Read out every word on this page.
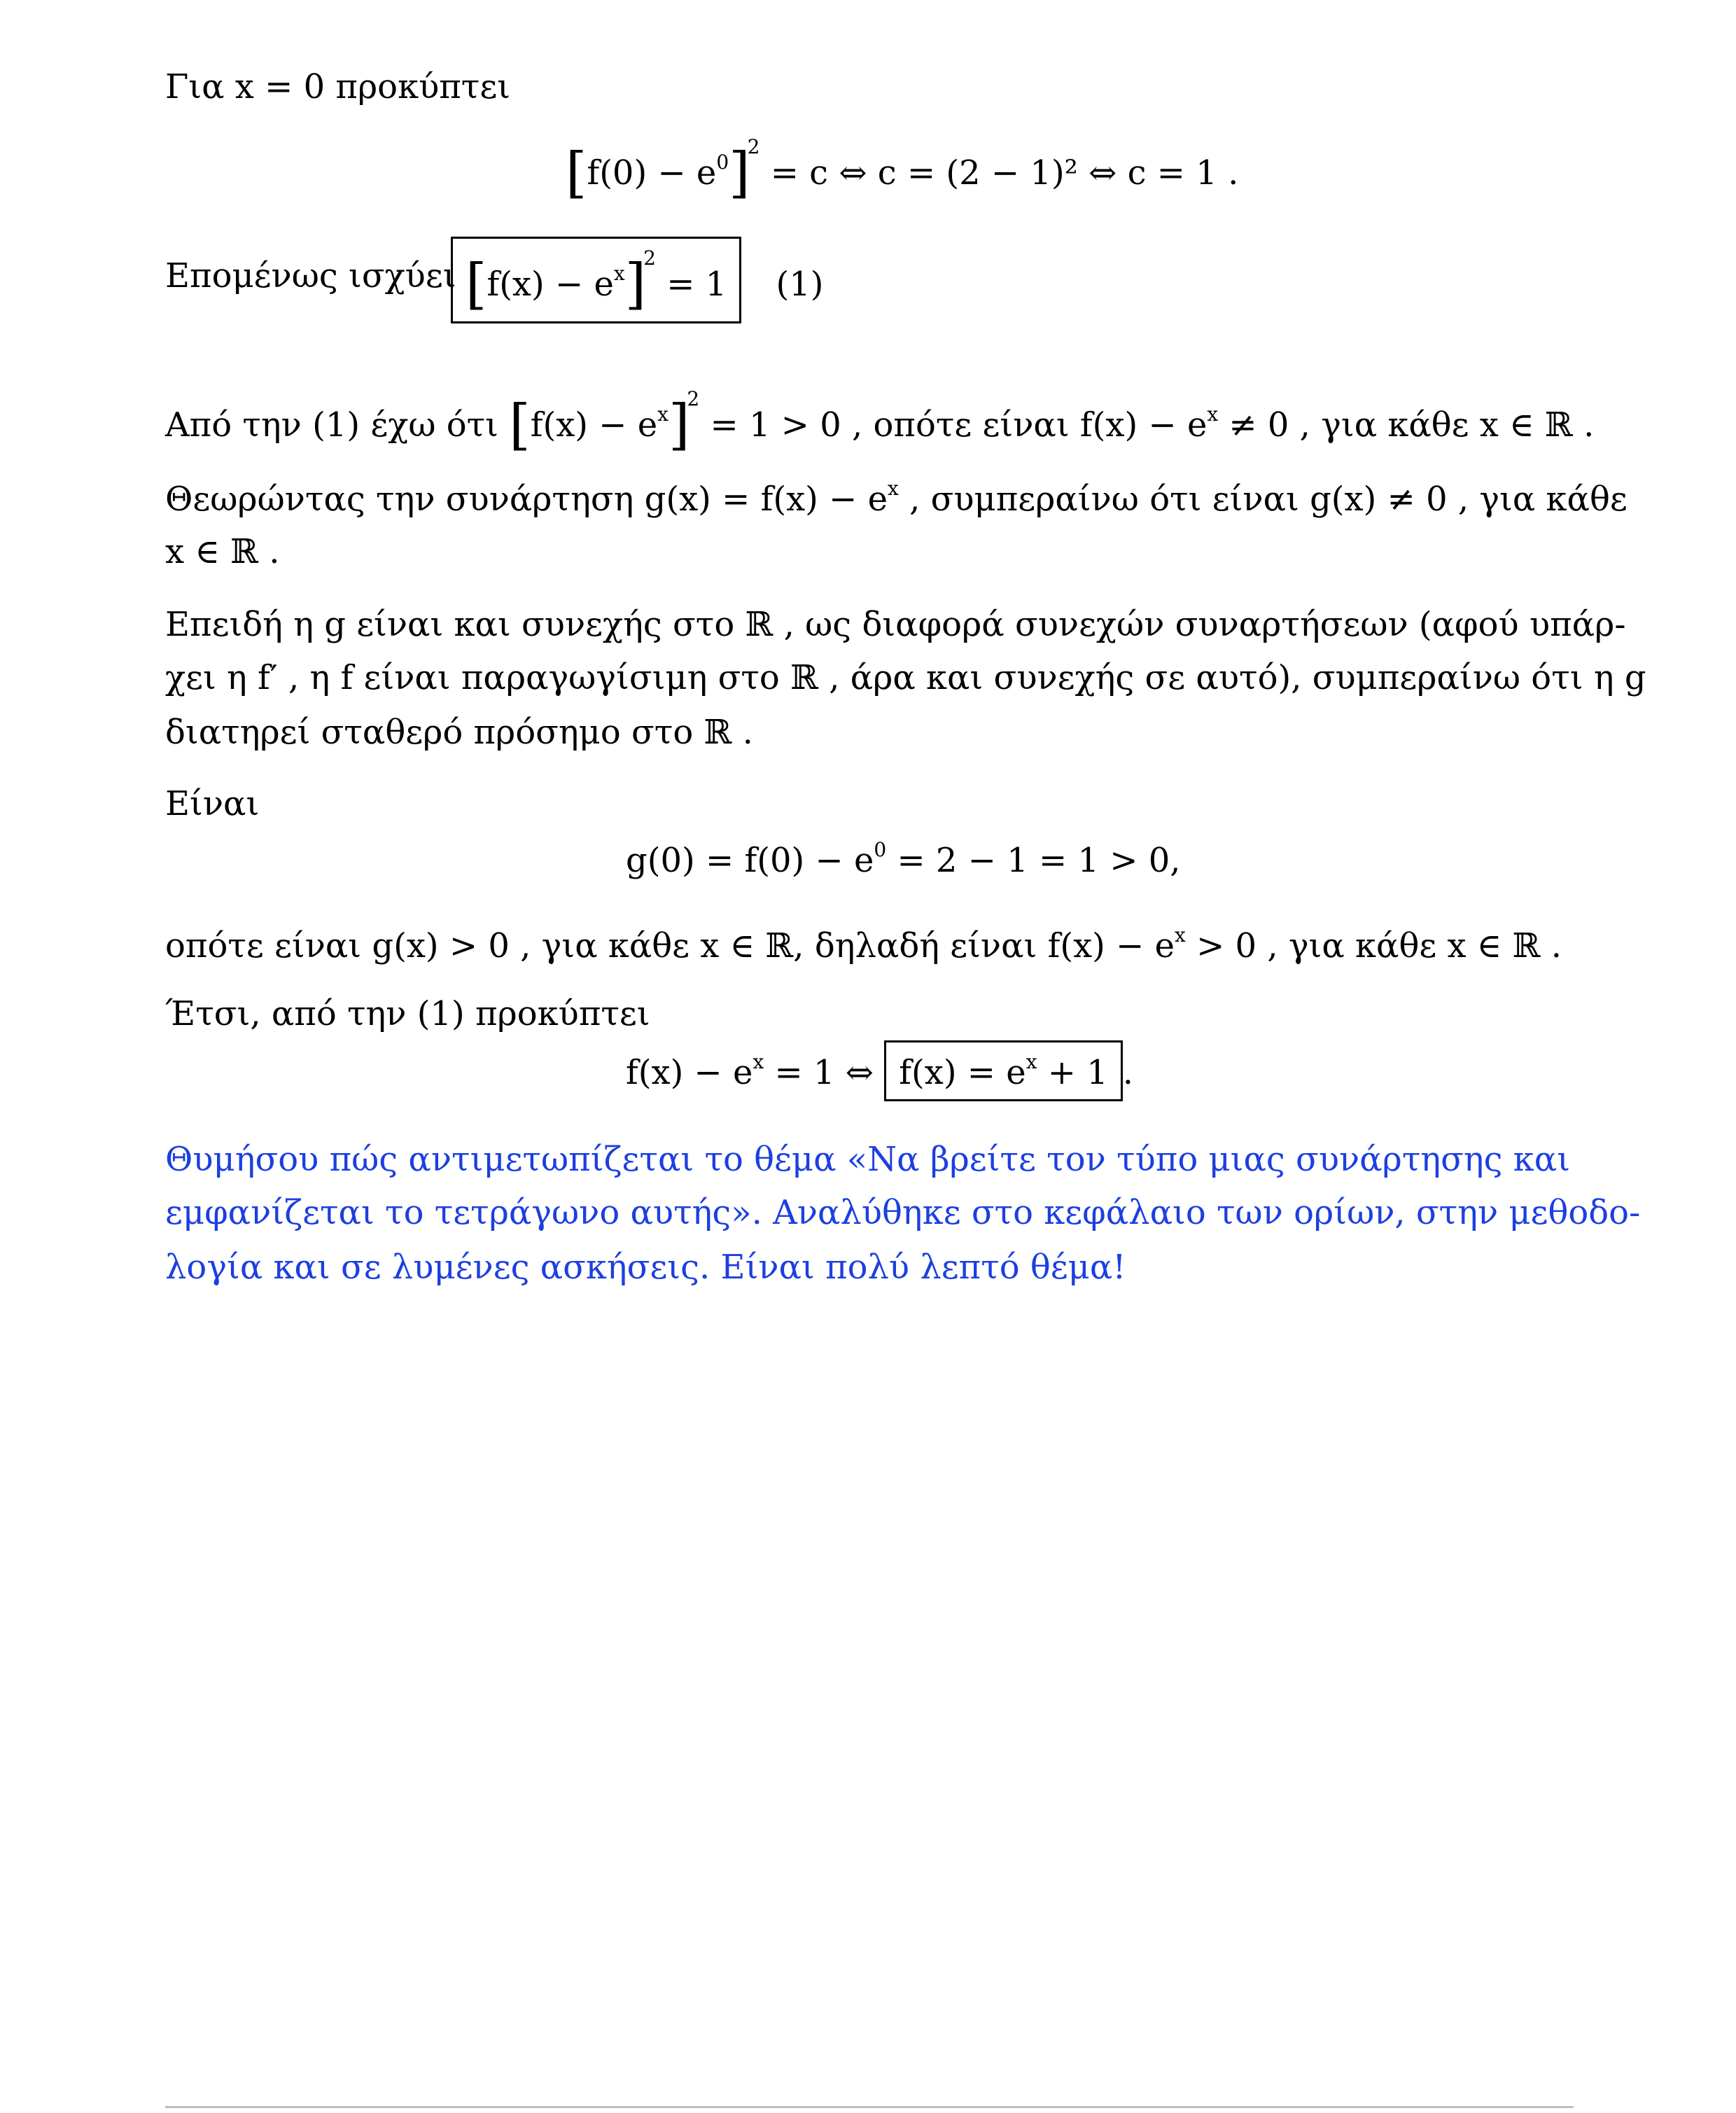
Για x = 0 προκύπτει
$[f(0) - e^0]^2 = c$ ⇔ c = (2 − 1)² ⇔ c = 1 .
Επομένως ισχύει $[f(x) - e^x]^2 = 1$ (1)
Από την (1) έχω ότι $[f(x) - e^x]^2 = 1 > 0$ , οπότε είναι $f(x) - e^x \ne 0$ , για κάθε x ∈ ℝ .
Θεωρώντας την συνάρτηση $g(x) = f(x) - e^x$ , συμπεραίνω ότι είναι g(x) ≠ 0 , για κάθε
x ∈ ℝ .
Επειδή η g είναι και συνεχής στο ℝ , ως διαφορά συνεχών συναρτήσεων (αφού υπάρ-
χει η f′ , η f είναι παραγωγίσιμη στο ℝ , άρα και συνεχής σε αυτό), συμπεραίνω ότι η g
διατηρεί σταθερό πρόσημο στο ℝ .
Είναι
$g(0) = f(0) - e^0 = 2 - 1 = 1 > 0$,
οπότε είναι g(x) > 0 , για κάθε x ∈ ℝ, δηλαδή είναι $f(x) - e^x > 0$ , για κάθε x ∈ ℝ .
Έτσι, από την (1) προκύπτει
$f(x) - e^x = 1$ ⇔ $f(x) = e^x + 1$ .
Θυμήσου πώς αντιμετωπίζεται το θέμα «Να βρείτε τον τύπο μιας συνάρτησης και
εμφανίζεται το τετράγωνο αυτής». Αναλύθηκε στο κεφάλαιο των ορίων, στην μεθοδο-
λογία και σε λυμένες ασκήσεις. Είναι πολύ λεπτό θέμα!
